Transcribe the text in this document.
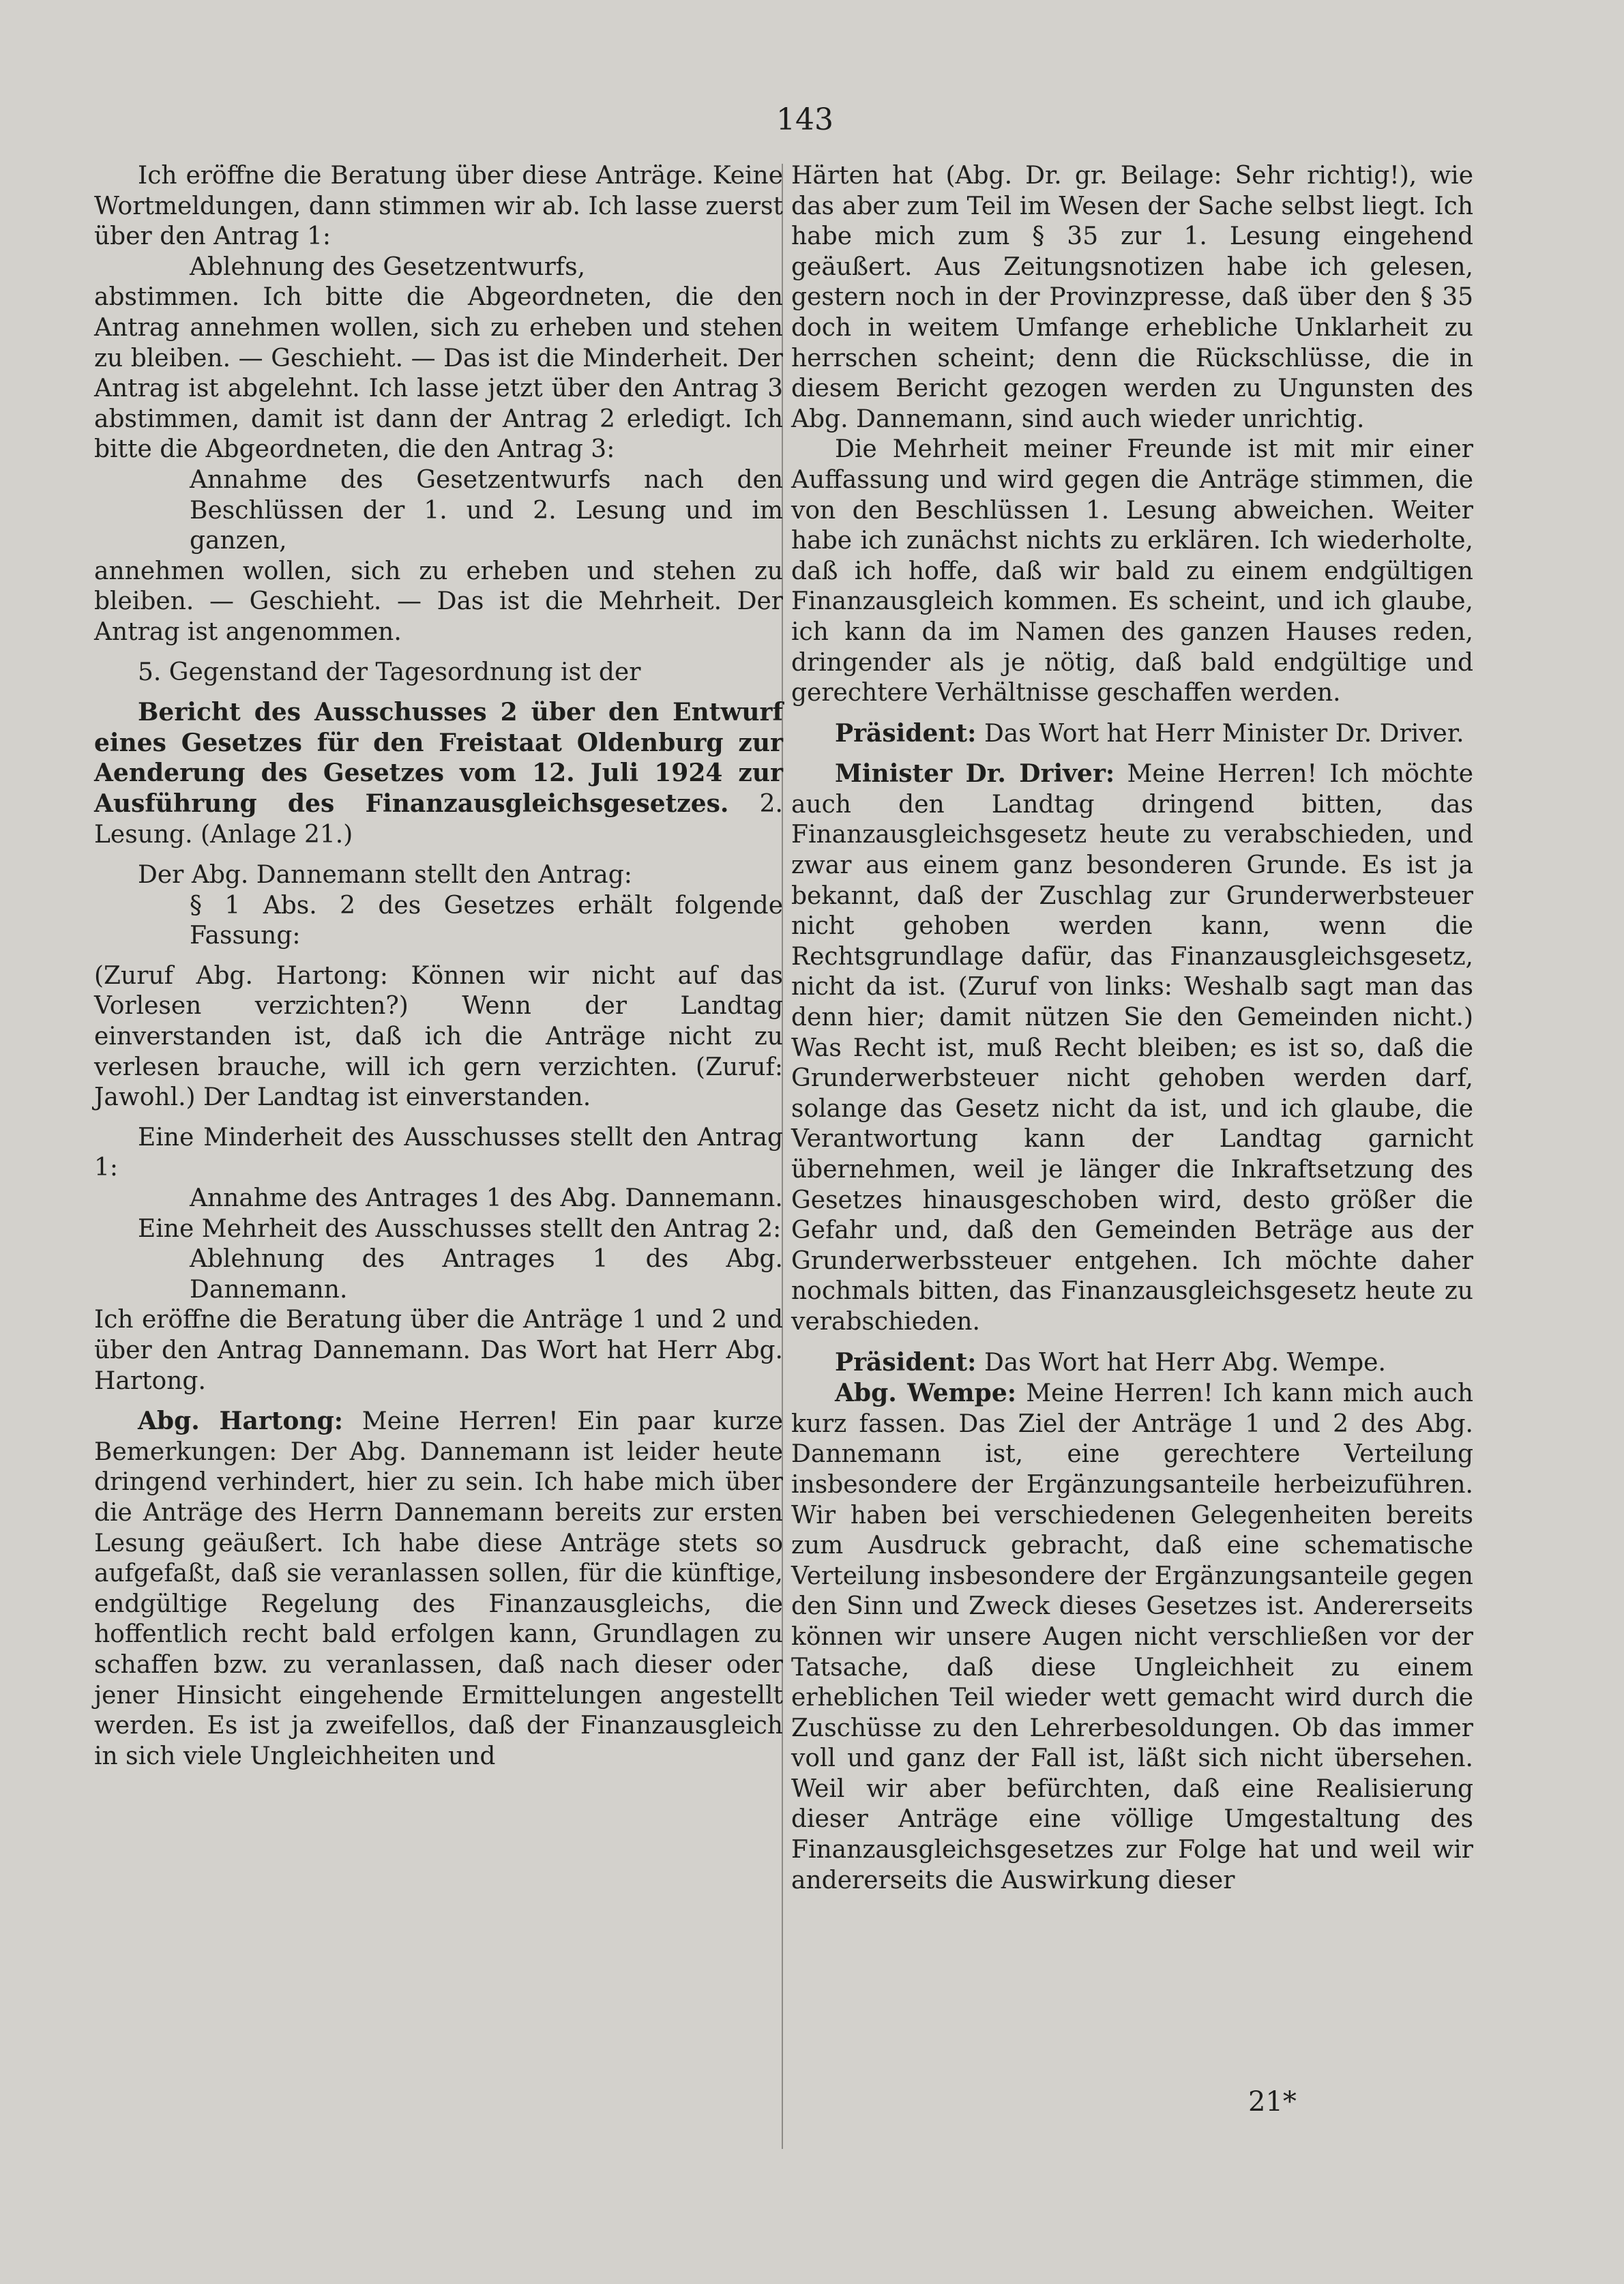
143

Ich eröffne die Beratung über diese Anträge. Keine Wortmeldungen, dann stimmen wir ab. Ich lasse zuerst über den Antrag 1:

Ablehnung des Gesetzentwurfs,

abstimmen. Ich bitte die Abgeordneten, die den Antrag annehmen wollen, sich zu erheben und stehen zu bleiben. — Geschieht. — Das ist die Minderheit. Der Antrag ist abgelehnt. Ich lasse jetzt über den Antrag 3 abstimmen, damit ist dann der Antrag 2 erledigt. Ich bitte die Abgeordneten, die den Antrag 3:

Annahme des Gesetzentwurfs nach den Beschlüssen der 1. und 2. Lesung und im ganzen,

annehmen wollen, sich zu erheben und stehen zu bleiben. — Geschieht. — Das ist die Mehrheit. Der Antrag ist angenommen.

5. Gegenstand der Tagesordnung ist der

Bericht des Ausschusses 2 über den Entwurf eines Gesetzes für den Freistaat Oldenburg zur Aenderung des Gesetzes vom 12. Juli 1924 zur Ausführung des Finanzausgleichsgesetzes. 2. Lesung. (Anlage 21.)

Der Abg. Dannemann stellt den Antrag:

§ 1 Abs. 2 des Gesetzes erhält folgende Fassung:

(Zuruf Abg. Hartong: Können wir nicht auf das Vorlesen verzichten?) Wenn der Landtag einverstanden ist, daß ich die Anträge nicht zu verlesen brauche, will ich gern verzichten. (Zuruf: Jawohl.) Der Landtag ist einverstanden.

Eine Minderheit des Ausschusses stellt den Antrag 1:

Annahme des Antrages 1 des Abg. Dannemann.

Eine Mehrheit des Ausschusses stellt den Antrag 2:

Ablehnung des Antrages 1 des Abg. Dannemann.

Ich eröffne die Beratung über die Anträge 1 und 2 und über den Antrag Dannemann. Das Wort hat Herr Abg. Hartong.

Abg. Hartong: Meine Herren! Ein paar kurze Bemerkungen: Der Abg. Dannemann ist leider heute dringend verhindert, hier zu sein. Ich habe mich über die Anträge des Herrn Dannemann bereits zur ersten Lesung geäußert. Ich habe diese Anträge stets so aufgefaßt, daß sie veranlassen sollen, für die künftige, endgültige Regelung des Finanzausgleichs, die hoffentlich recht bald erfolgen kann, Grundlagen zu schaffen bzw. zu veranlassen, daß nach dieser oder jener Hinsicht eingehende Ermittelungen angestellt werden. Es ist ja zweifellos, daß der Finanzausgleich in sich viele Ungleichheiten und

Härten hat (Abg. Dr. gr. Beilage: Sehr richtig!), wie das aber zum Teil im Wesen der Sache selbst liegt. Ich habe mich zum § 35 zur 1. Lesung eingehend geäußert. Aus Zeitungsnotizen habe ich gelesen, gestern noch in der Provinzpresse, daß über den § 35 doch in weitem Umfange erhebliche Unklarheit zu herrschen scheint; denn die Rückschlüsse, die in diesem Bericht gezogen werden zu Ungunsten des Abg. Dannemann, sind auch wieder unrichtig.

Die Mehrheit meiner Freunde ist mit mir einer Auffassung und wird gegen die Anträge stimmen, die von den Beschlüssen 1. Lesung abweichen. Weiter habe ich zunächst nichts zu erklären. Ich wiederholte, daß ich hoffe, daß wir bald zu einem endgültigen Finanzausgleich kommen. Es scheint, und ich glaube, ich kann da im Namen des ganzen Hauses reden, dringender als je nötig, daß bald endgültige und gerechtere Verhältnisse geschaffen werden.

Präsident: Das Wort hat Herr Minister Dr. Driver.

Minister Dr. Driver: Meine Herren! Ich möchte auch den Landtag dringend bitten, das Finanzausgleichsgesetz heute zu verabschieden, und zwar aus einem ganz besonderen Grunde. Es ist ja bekannt, daß der Zuschlag zur Grunderwerbsteuer nicht gehoben werden kann, wenn die Rechtsgrundlage dafür, das Finanzausgleichsgesetz, nicht da ist. (Zuruf von links: Weshalb sagt man das denn hier; damit nützen Sie den Gemeinden nicht.) Was Recht ist, muß Recht bleiben; es ist so, daß die Grunderwerbsteuer nicht gehoben werden darf, solange das Gesetz nicht da ist, und ich glaube, die Verantwortung kann der Landtag garnicht übernehmen, weil je länger die Inkraftsetzung des Gesetzes hinausgeschoben wird, desto größer die Gefahr und, daß den Gemeinden Beträge aus der Grunderwerbssteuer entgehen. Ich möchte daher nochmals bitten, das Finanzausgleichsgesetz heute zu verabschieden.

Präsident: Das Wort hat Herr Abg. Wempe.

Abg. Wempe: Meine Herren! Ich kann mich auch kurz fassen. Das Ziel der Anträge 1 und 2 des Abg. Dannemann ist, eine gerechtere Verteilung insbesondere der Ergänzungsanteile herbeizuführen. Wir haben bei verschiedenen Gelegenheiten bereits zum Ausdruck gebracht, daß eine schematische Verteilung insbesondere der Ergänzungsanteile gegen den Sinn und Zweck dieses Gesetzes ist. Andererseits können wir unsere Augen nicht verschließen vor der Tatsache, daß diese Ungleichheit zu einem erheblichen Teil wieder wett gemacht wird durch die Zuschüsse zu den Lehrerbesoldungen. Ob das immer voll und ganz der Fall ist, läßt sich nicht übersehen. Weil wir aber befürchten, daß eine Realisierung dieser Anträge eine völlige Umgestaltung des Finanzausgleichsgesetzes zur Folge hat und weil wir andererseits die Auswirkung dieser

21*
